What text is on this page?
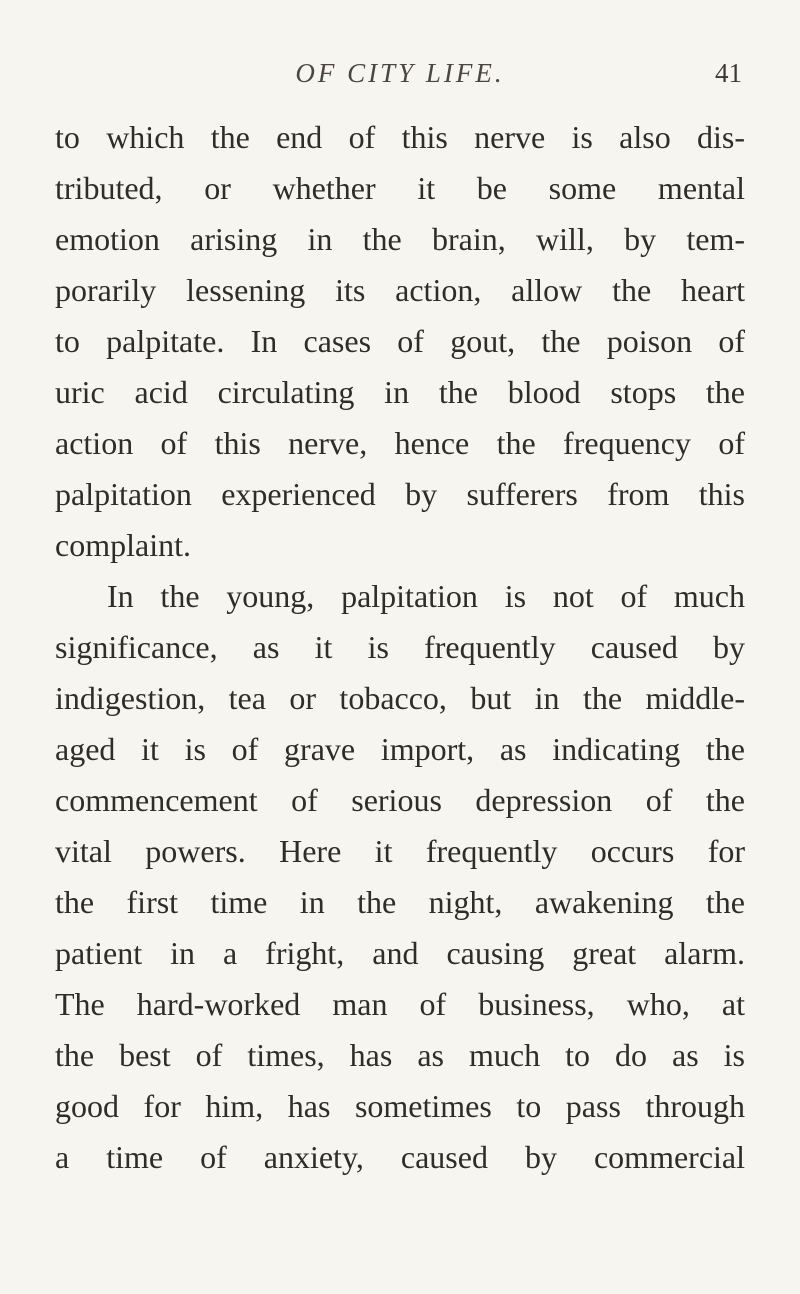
OF CITY LIFE.	41
to which the end of this nerve is also dis-
tributed, or whether it be some mental
emotion arising in the brain, will, by tem-
porarily lessening its action, allow the heart
to palpitate. In cases of gout, the poison of
uric acid circulating in the blood stops the
action of this nerve, hence the frequency of
palpitation experienced by sufferers from this
complaint.
In the young, palpitation is not of much
significance, as it is frequently caused by
indigestion, tea or tobacco, but in the middle-
aged it is of grave import, as indicating the
commencement of serious depression of the
vital powers. Here it frequently occurs for
the first time in the night, awakening the
patient in a fright, and causing great alarm.
The hard-worked man of business, who, at
the best of times, has as much to do as is
good for him, has sometimes to pass through
a time of anxiety, caused by commercial
